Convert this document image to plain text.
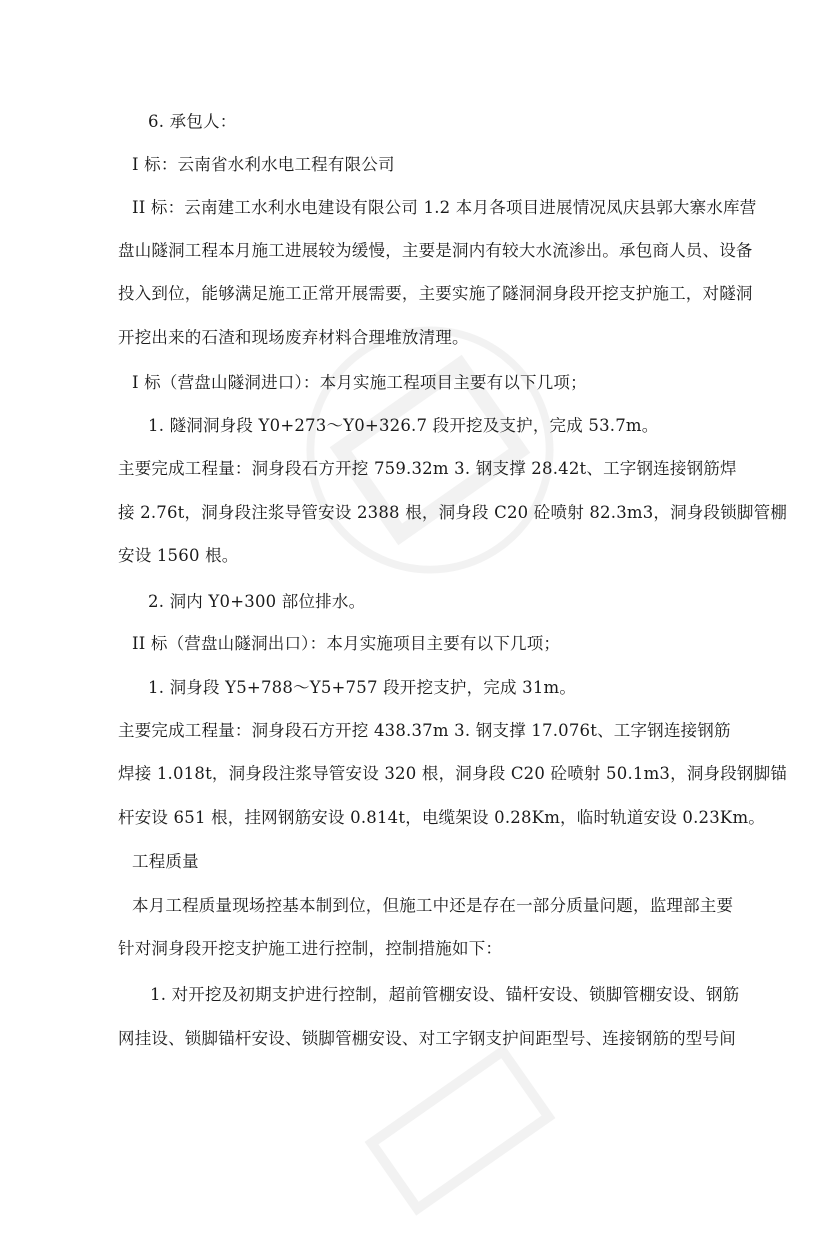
6. 承包人：
I 标：云南省水利水电工程有限公司
II 标：云南建工水利水电建设有限公司 1.2 本月各项目进展情况凤庆县郭大寨水库营
盘山隧洞工程本月施工进展较为缓慢，主要是洞内有较大水流渗出。承包商人员、设备
投入到位，能够满足施工正常开展需要，主要实施了隧洞洞身段开挖支护施工，对隧洞
开挖出来的石渣和现场废弃材料合理堆放清理。
I 标（营盘山隧洞进口）：本月实施工程项目主要有以下几项；
1. 隧洞洞身段 Y0+273～Y0+326.7 段开挖及支护，完成 53.7m。
主要完成工程量：洞身段石方开挖 759.32m 3. 钢支撑 28.42t、工字钢连接钢筋焊
接 2.76t，洞身段注浆导管安设 2388 根，洞身段 C20 砼喷射 82.3m3，洞身段锁脚管棚
安设 1560 根。
2. 洞内 Y0+300 部位排水。
II 标（营盘山隧洞出口）：本月实施项目主要有以下几项；
1. 洞身段 Y5+788～Y5+757 段开挖支护，完成 31m。
主要完成工程量：洞身段石方开挖 438.37m 3. 钢支撑 17.076t、工字钢连接钢筋
焊接 1.018t，洞身段注浆导管安设 320 根，洞身段 C20 砼喷射 50.1m3，洞身段钢脚锚
杆安设 651 根，挂网钢筋安设 0.814t，电缆架设 0.28Km，临时轨道安设 0.23Km。
工程质量
本月工程质量现场控基本制到位，但施工中还是存在一部分质量问题，监理部主要
针对洞身段开挖支护施工进行控制，控制措施如下：
1. 对开挖及初期支护进行控制，超前管棚安设、锚杆安设、锁脚管棚安设、钢筋
网挂设、锁脚锚杆安设、锁脚管棚安设、对工字钢支护间距型号、连接钢筋的型号间
